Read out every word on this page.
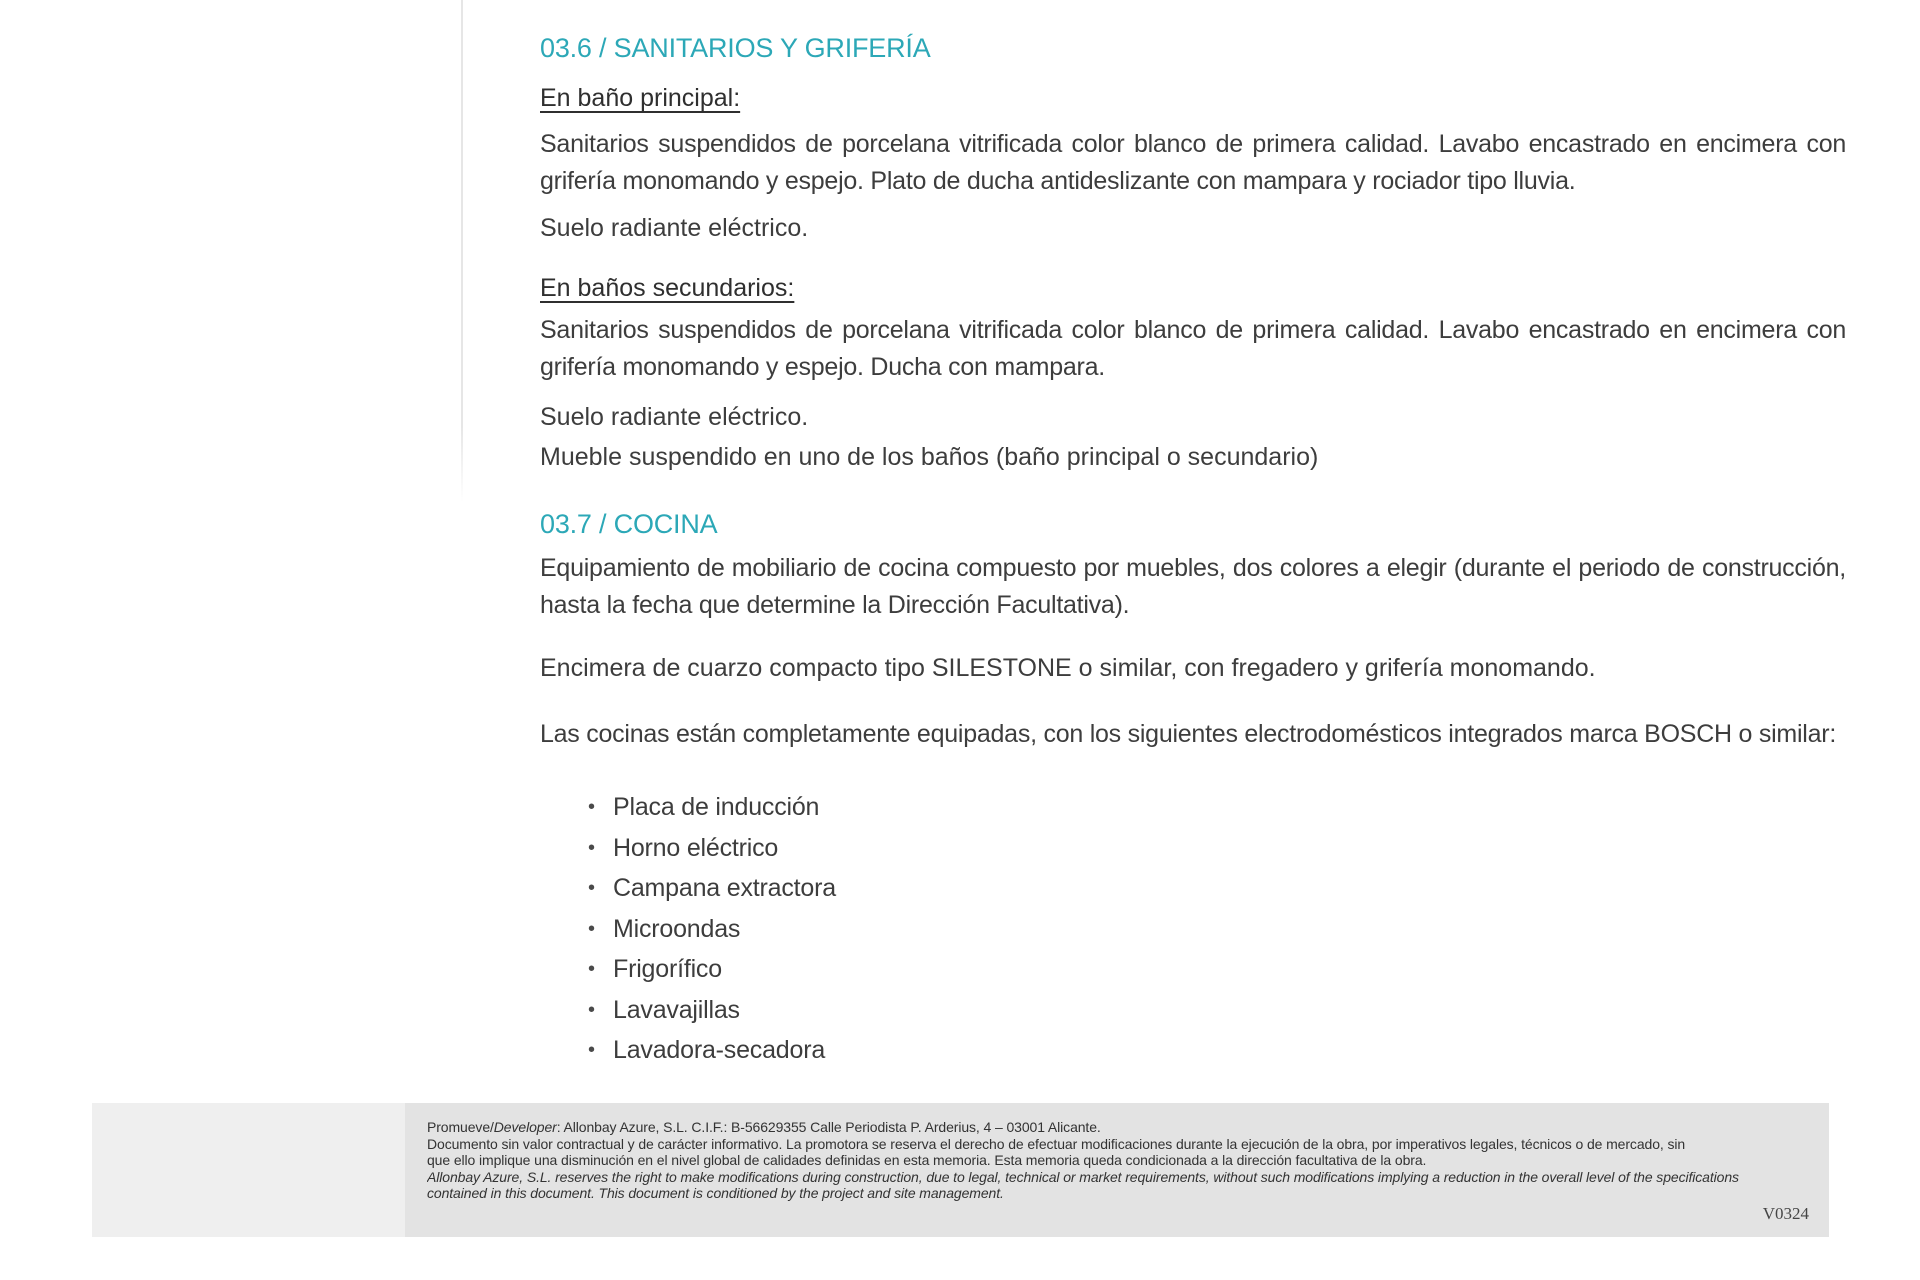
03.6 / SANITARIOS Y GRIFERÍA
En baño principal:
Sanitarios suspendidos de porcelana vitrificada color blanco de primera calidad. Lavabo encastrado en encimera con grifería monomando y espejo. Plato de ducha antideslizante con mampara y rociador tipo lluvia.
Suelo radiante eléctrico.
En baños secundarios:
Sanitarios suspendidos de porcelana vitrificada color blanco de primera calidad. Lavabo encastrado en encimera con grifería monomando y espejo. Ducha con mampara.
Suelo radiante eléctrico.
Mueble suspendido en uno de los baños (baño principal o secundario)
03.7 / COCINA
Equipamiento de mobiliario de cocina compuesto por muebles, dos colores a elegir (durante el periodo de construcción, hasta la fecha que determine la Dirección Facultativa).
Encimera de cuarzo compacto tipo SILESTONE o similar, con fregadero y grifería monomando.
Las cocinas están completamente equipadas, con los siguientes electrodomésticos integrados marca BOSCH o similar:
• Placa de inducción
• Horno eléctrico
• Campana extractora
• Microondas
• Frigorífico
• Lavavajillas
• Lavadora-secadora
Promueve/Developer: Allonbay Azure, S.L. C.I.F.: B-56629355 Calle Periodista P. Arderius, 4 – 03001 Alicante.
Documento sin valor contractual y de carácter informativo. La promotora se reserva el derecho de efectuar modificaciones durante la ejecución de la obra, por imperativos legales, técnicos o de mercado, sin
que ello implique una disminución en el nivel global de calidades definidas en esta memoria. Esta memoria queda condicionada a la dirección facultativa de la obra.
Allonbay Azure, S.L. reserves the right to make modifications during construction, due to legal, technical or market requirements, without such modifications implying a reduction in the overall level of the specifications
contained in this document. This document is conditioned by the project and site management.
V0324
